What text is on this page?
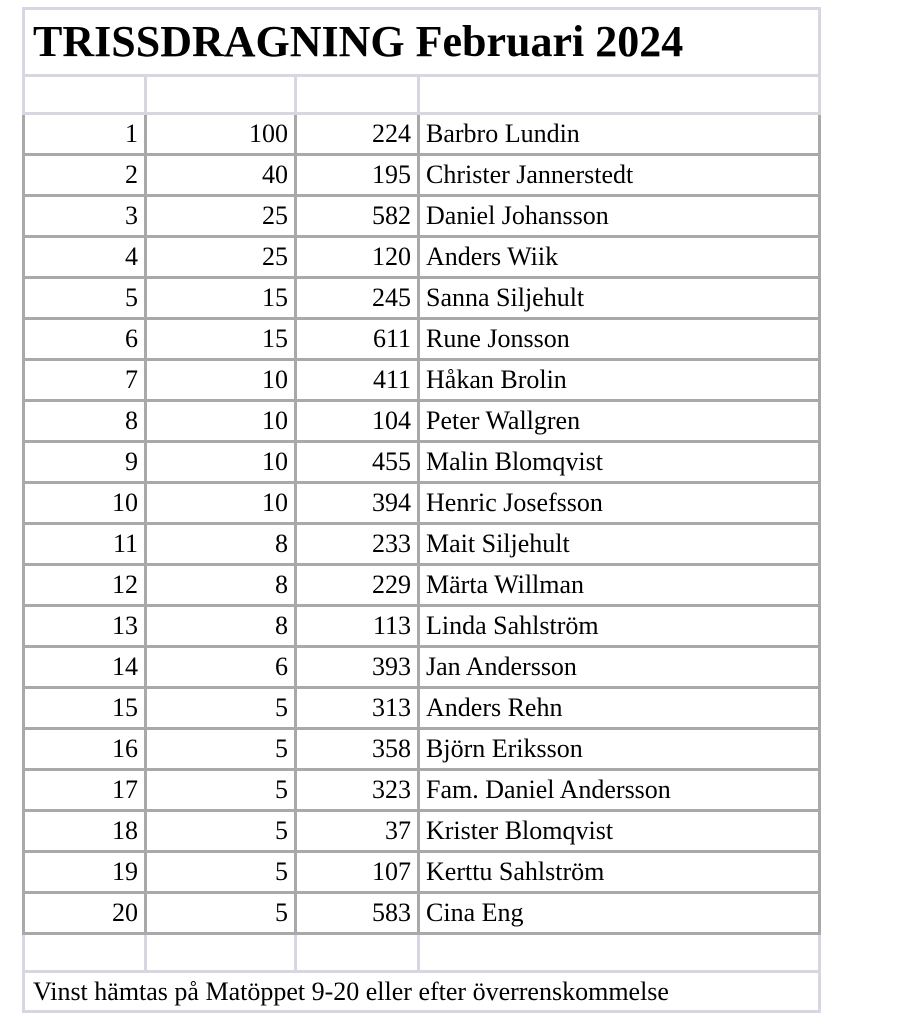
TRISSDRAGNING Februari 2024			

1	100	224	Barbro Lundin
2	40	195	Christer Jannerstedt
3	25	582	Daniel Johansson
4	25	120	Anders Wiik
5	15	245	Sanna Siljehult
6	15	611	Rune Jonsson
7	10	411	Håkan Brolin
8	10	104	Peter Wallgren
9	10	455	Malin Blomqvist
10	10	394	Henric Josefsson
11	8	233	Mait Siljehult
12	8	229	Märta Willman
13	8	113	Linda Sahlström
14	6	393	Jan Andersson
15	5	313	Anders Rehn
16	5	358	Björn Eriksson
17	5	323	Fam. Daniel Andersson
18	5	37	Krister Blomqvist
19	5	107	Kerttu Sahlström
20	5	583	Cina Eng

Vinst hämtas på Matöppet 9-20 eller efter överrenskommelse			
